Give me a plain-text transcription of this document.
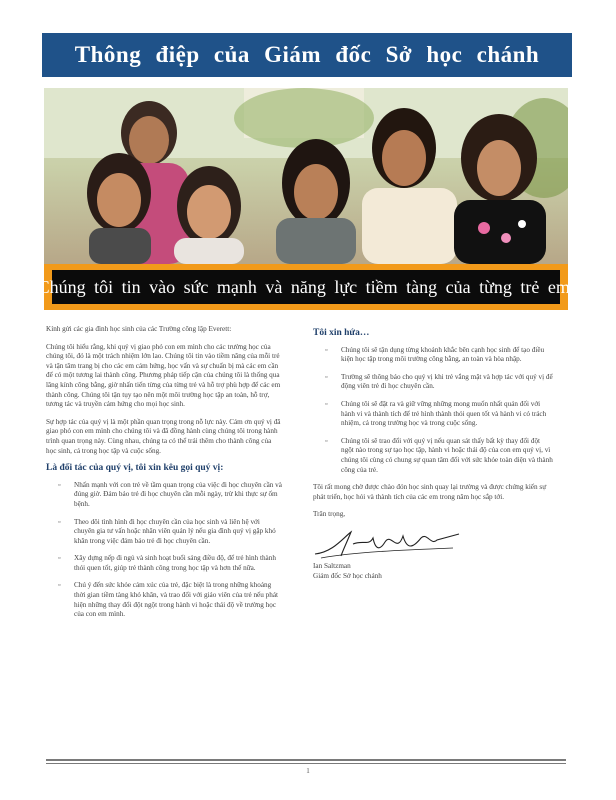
Thông điệp của Giám đốc Sở học chánh
Chúng tôi tin vào sức mạnh và năng lực tiềm tàng của từng trẻ em.

Kính gửi các gia đình học sinh của các Trường công lập Everett:

Chúng tôi hiểu rằng, khi quý vị giao phó con em mình cho các trường học của chúng tôi, đó là một trách nhiệm lớn lao. Chúng tôi tin vào tiềm năng của mỗi trẻ và tận tâm trang bị cho các em cảm hứng, học vấn và sự chuẩn bị mà các em cần để có một tương lai thành công. Phương pháp tiếp cận của chúng tôi là thống qua lăng kính công bằng, giờ nhấn tiến từng của từng trẻ và hỗ trợ phù hợp để các em thành công. Chúng tôi tận tụy tạo nên một môi trường học tập an toàn, hỗ trợ, tương tác và truyền cảm hứng cho mọi học sinh.

Sự hợp tác của quý vị là một phần quan trọng trong nỗ lực này. Cảm ơn quý vị đã giao phó con em mình cho chúng tôi và đã đồng hành cùng chúng tôi trong hành trình quan trọng này. Cùng nhau, chúng ta có thể trải thêm cho thành công của học sinh, cả trong học tập và cuộc sống.

Là đối tác của quý vị, tôi xin kêu gọi quý vị:
▫ Nhấn mạnh với con trẻ về tầm quan trọng của việc đi học chuyên cần và đúng giờ. Đảm bảo trẻ đi học chuyên cần mỗi ngày, trừ khi thực sự ốm bệnh.
▫ Theo dõi tình hình đi học chuyên cần của học sinh và liên hệ với chuyên gia tư vấn hoặc nhân viên quản lý nếu gia đình quý vị gặp khó khăn trong việc đảm bảo trẻ đi học chuyên cần.
▫ Xây dựng nếp đi ngủ và sinh hoạt buổi sáng điều độ, để trẻ hình thành thói quen tốt, giúp trẻ thành công trong học tập và hơn thế nữa.
▫ Chú ý đến sức khỏe cảm xúc của trẻ, đặc biệt là trong những khoảng thời gian tiềm tàng khó khăn, và trao đổi với giáo viên của trẻ nếu phát hiện những thay đổi đột ngột trong hành vi hoặc thái độ về trường học của con em mình.
Tôi xin hứa…
▫ Chúng tôi sẽ tận dụng từng khoảnh khắc bên cạnh học sinh để tạo điều kiện học tập trong môi trường công bằng, an toàn và hòa nhập.
▫ Trường sẽ thông báo cho quý vị khi trẻ vắng mặt và hợp tác với quý vị để động viên trẻ đi học chuyên cần.
▫ Chúng tôi sẽ đặt ra và giữ vững những mong muốn nhất quán đối với hành vi và thành tích để trẻ hình thành thói quen tốt và hành vi có trách nhiệm, cả trong trường học và trong cuộc sống.
▫ Chúng tôi sẽ trao đổi với quý vị nếu quan sát thấy bất kỳ thay đổi đột ngột nào trong sự tạo học tập, hành vi hoặc thái độ của con em quý vị, vì chúng tôi cùng có chung sự quan tâm đối với sức khỏe toàn diện và thành công của trẻ.

Tôi rất mong chờ được chào đón học sinh quay lại trường và được chứng kiến sự phát triển, học hỏi và thành tích của các em trong năm học sắp tới.

Trân trọng,

Ian Saltzman
Giám đốc Sở học chánh
1
